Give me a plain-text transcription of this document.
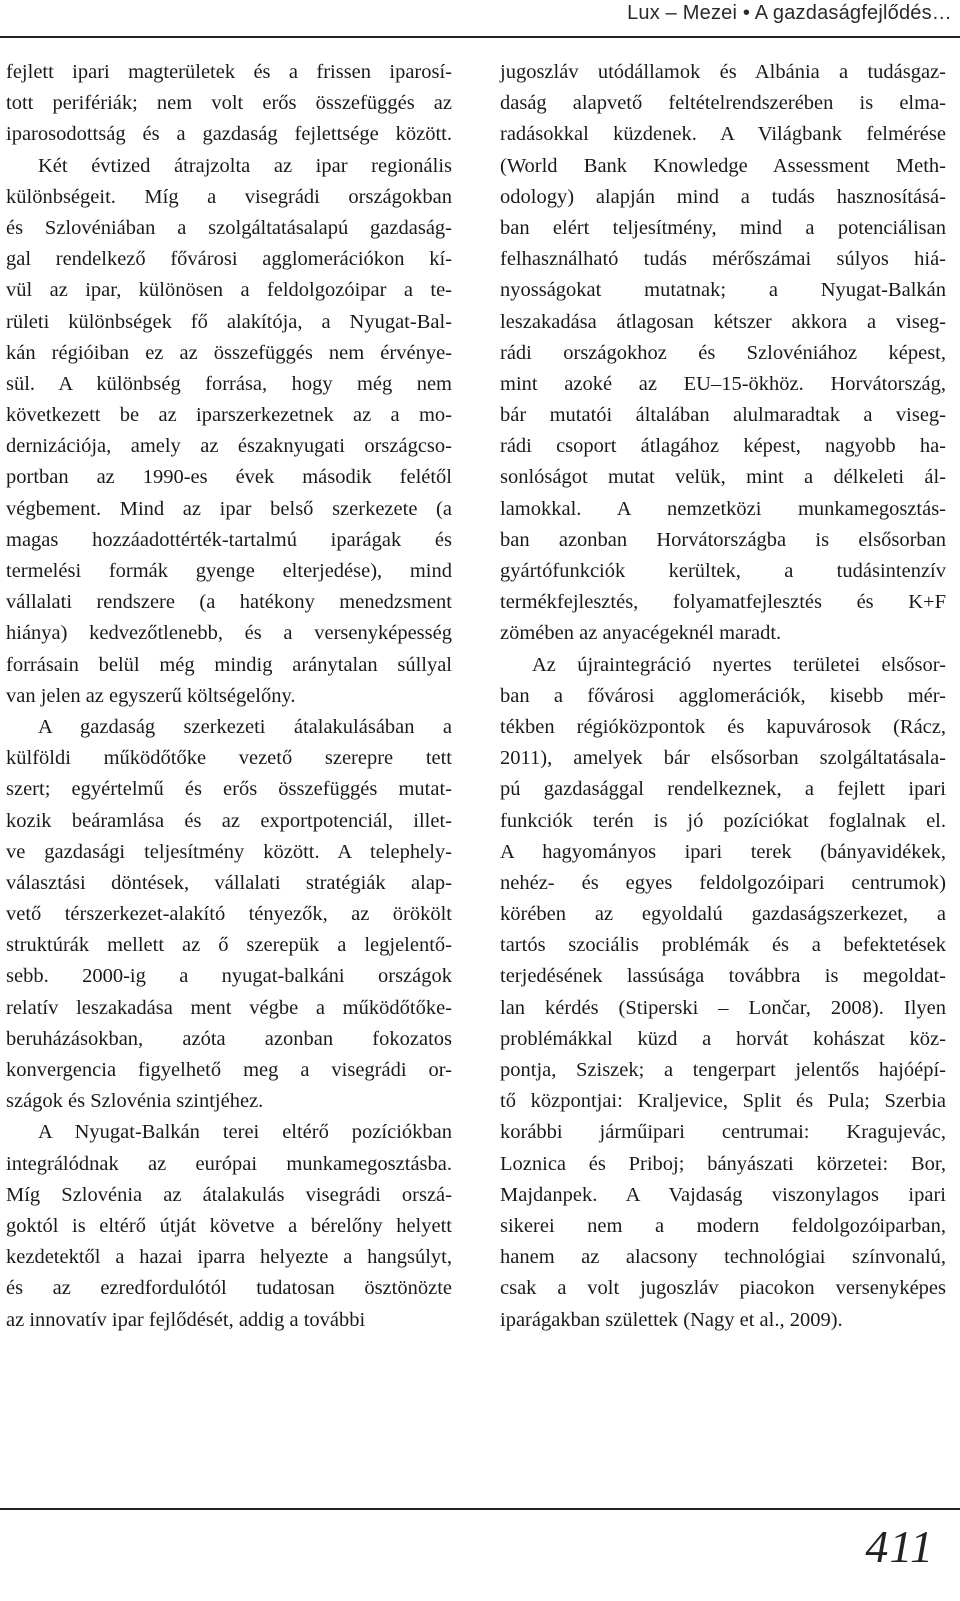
Lux – Mezei • A gazdaságfejlődés…
fejlett ipari magterületek és a frissen iparosí-
tott perifériák; nem volt erős összefüggés az
iparosodottság és a gazdaság fejlettsége között.
Két évtized átrajzolta az ipar regionális
különbségeit. Míg a visegrádi országokban
és Szlovéniában a szolgáltatásalapú gazdaság-
gal rendelkező fővárosi agglomerációkon kí-
vül az ipar, különösen a feldolgozóipar a te-
rületi különbségek fő alakítója, a Nyugat-Bal-
kán régióiban ez az összefüggés nem érvénye-
sül. A különbség forrása, hogy még nem
következett be az iparszerkezetnek az a mo-
dernizációja, amely az északnyugati országcso-
portban az 1990-es évek második felétől
végbement. Mind az ipar belső szerkezete (a
magas hozzáadottérték-tartalmú iparágak és
termelési formák gyenge elterjedése), mind
vállalati rendszere (a hatékony menedzsment
hiánya) kedvezőtlenebb, és a versenyképesség
forrásain belül még mindig aránytalan súllyal
van jelen az egyszerű költségelőny.
A gazdaság szerkezeti átalakulásában a
külföldi működőtőke vezető szerepre tett
szert; egyértelmű és erős összefüggés mutat-
kozik beáramlása és az exportpotenciál, illet-
ve gazdasági teljesítmény között. A telephely-
választási döntések, vállalati stratégiák alap-
vető térszerkezet-alakító tényezők, az örökölt
struktúrák mellett az ő szerepük a legjelentő-
sebb. 2000-ig a nyugat-balkáni országok
relatív leszakadása ment végbe a működőtőke-
beruházásokban, azóta azonban fokozatos
konvergencia figyelhető meg a visegrádi or-
szágok és Szlovénia szintjéhez.
A Nyugat-Balkán terei eltérő pozíciókban
integrálódnak az európai munkamegosztásba.
Míg Szlovénia az átalakulás visegrádi orszá-
goktól is eltérő útját követve a bérelőny helyett
kezdetektől a hazai iparra helyezte a hangsúlyt,
és az ezredfordulótól tudatosan ösztönözte
az innovatív ipar fejlődését, addig a további
jugoszláv utódállamok és Albánia a tudásgaz-
daság alapvető feltételrendszerében is elma-
radásokkal küzdenek. A Világbank felmérése
(World Bank Knowledge Assessment Meth-
odology) alapján mind a tudás hasznosításá-
ban elért teljesítmény, mind a potenciálisan
felhasználható tudás mérőszámai súlyos hiá-
nyosságokat mutatnak; a Nyugat-Balkán
leszakadása átlagosan kétszer akkora a viseg-
rádi országokhoz és Szlovéniához képest,
mint azoké az EU–15-ökhöz. Horvátország,
bár mutatói általában alulmaradtak a viseg-
rádi csoport átlagához képest, nagyobb ha-
sonlóságot mutat velük, mint a délkeleti ál-
lamokkal. A nemzetközi munkamegosztás-
ban azonban Horvátországba is elsősorban
gyártófunkciók kerültek, a tudásintenzív
termékfejlesztés, folyamatfejlesztés és K+F
zömében az anyacégeknél maradt.
Az újraintegráció nyertes területei elsősor-
ban a fővárosi agglomerációk, kisebb mér-
tékben régióközpontok és kapuvárosok (Rácz,
2011), amelyek bár elsősorban szolgáltatásala-
pú gazdasággal rendelkeznek, a fejlett ipari
funkciók terén is jó pozíciókat foglalnak el.
A hagyományos ipari terek (bányavidékek,
nehéz- és egyes feldolgozóipari centrumok)
körében az egyoldalú gazdaságszerkezet, a
tartós szociális problémák és a befektetések
terjedésének lassúsága továbbra is megoldat-
lan kérdés (Stiperski – Lončar, 2008). Ilyen
problémákkal küzd a horvát kohászat köz-
pontja, Sziszek; a tengerpart jelentős hajóépí-
tő központjai: Kraljevice, Split és Pula; Szerbia
korábbi járműipari centrumai: Kragujevác,
Loznica és Priboj; bányászati körzetei: Bor,
Majdanpek. A Vajdaság viszonylagos ipari
sikerei nem a modern feldolgozóiparban,
hanem az alacsony technológiai színvonalú,
csak a volt jugoszláv piacokon versenyképes
iparágakban születtek (Nagy et al., 2009).
411
